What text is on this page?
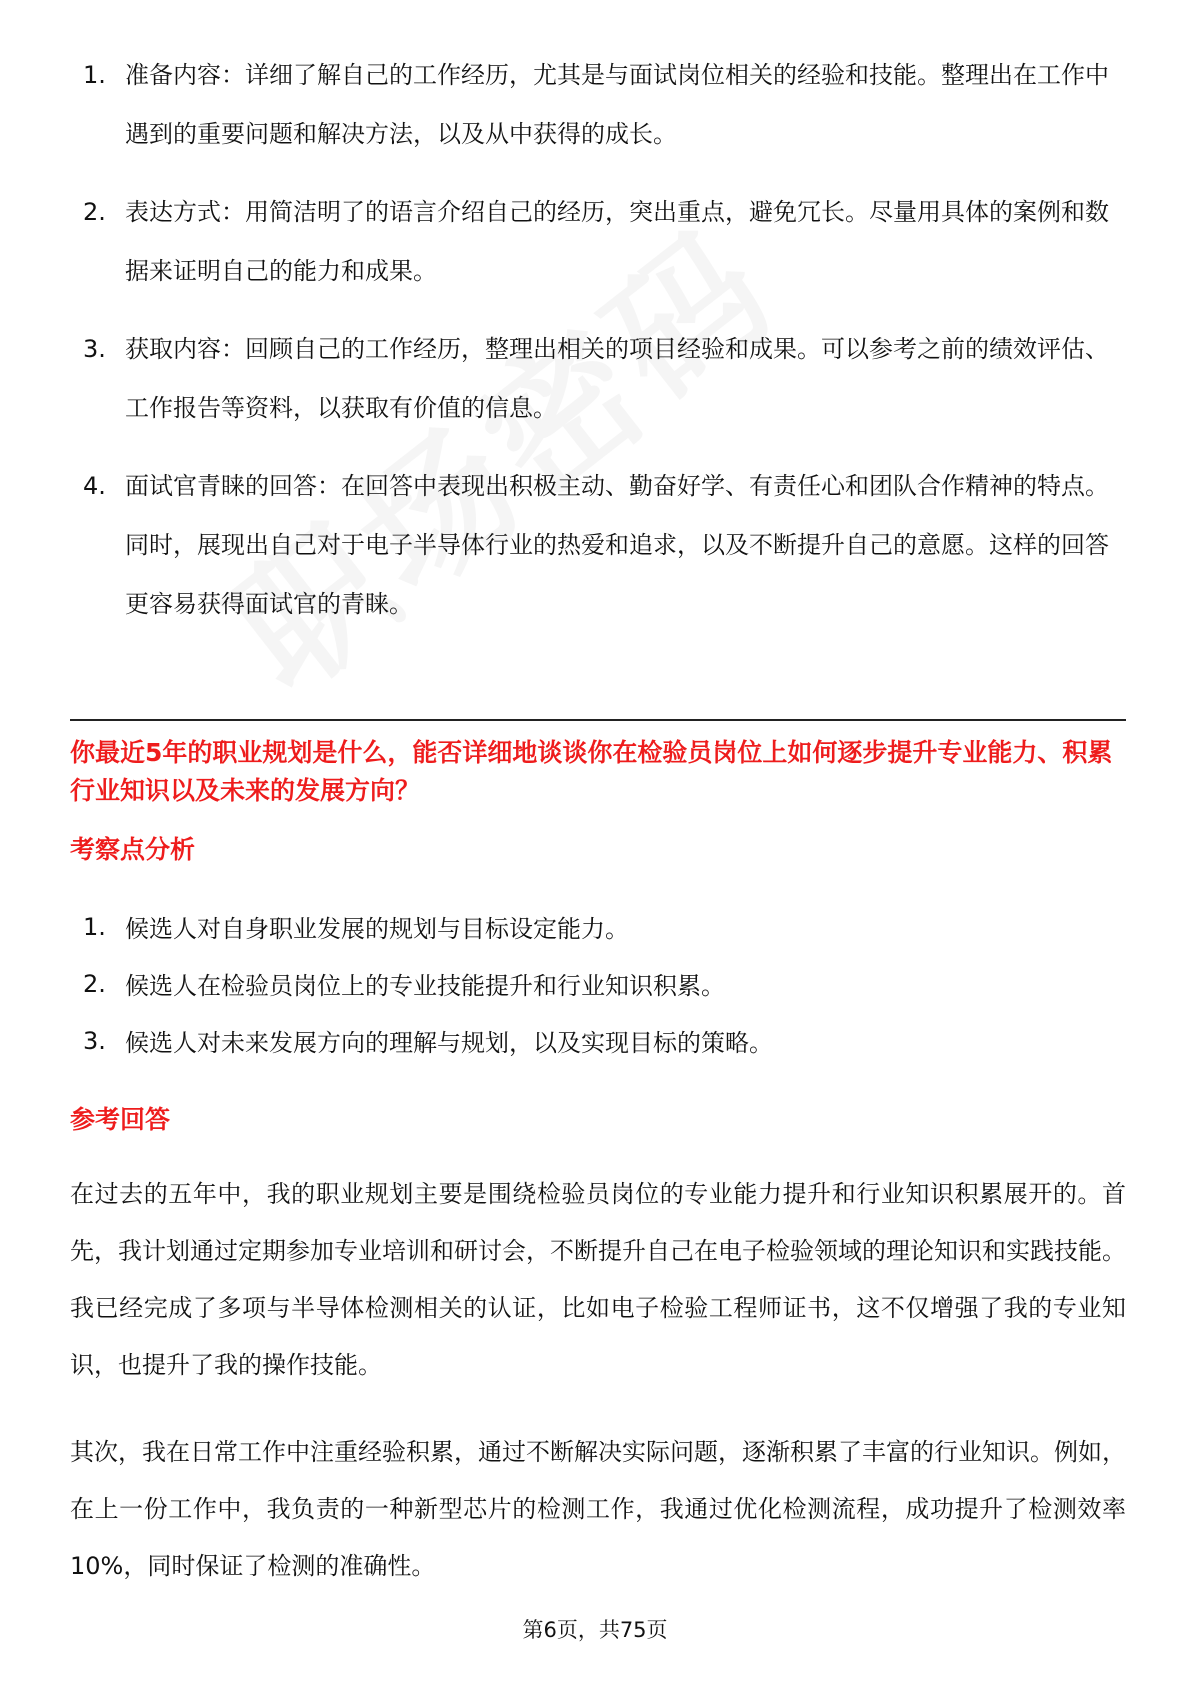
1. 准备内容：详细了解自己的工作经历，尤其是与面试岗位相关的经验和技能。整理出在工作中遇到的重要问题和解决方法，以及从中获得的成长。
2. 表达方式：用简洁明了的语言介绍自己的经历，突出重点，避免冗长。尽量用具体的案例和数据来证明自己的能力和成果。
3. 获取内容：回顾自己的工作经历，整理出相关的项目经验和成果。可以参考之前的绩效评估、工作报告等资料，以获取有价值的信息。
4. 面试官青睐的回答：在回答中表现出积极主动、勤奋好学、有责任心和团队合作精神的特点。同时，展现出自己对于电子半导体行业的热爱和追求，以及不断提升自己的意愿。这样的回答更容易获得面试官的青睐。
你最近5年的职业规划是什么，能否详细地谈谈你在检验员岗位上如何逐步提升专业能力、积累行业知识以及未来的发展方向？
考察点分析
1. 候选人对自身职业发展的规划与目标设定能力。
2. 候选人在检验员岗位上的专业技能提升和行业知识积累。
3. 候选人对未来发展方向的理解与规划，以及实现目标的策略。
参考回答

在过去的五年中，我的职业规划主要是围绕检验员岗位的专业能力提升和行业知识积累展开的。首先，我计划通过定期参加专业培训和研讨会，不断提升自己在电子检验领域的理论知识和实践技能。我已经完成了多项与半导体检测相关的认证，比如电子检验工程师证书，这不仅增强了我的专业知识，也提升了我的操作技能。

其次，我在日常工作中注重经验积累，通过不断解决实际问题，逐渐积累了丰富的行业知识。例如，在上一份工作中，我负责的一种新型芯片的检测工作，我通过优化检测流程，成功提升了检测效率10%，同时保证了检测的准确性。

第6页，共75页
